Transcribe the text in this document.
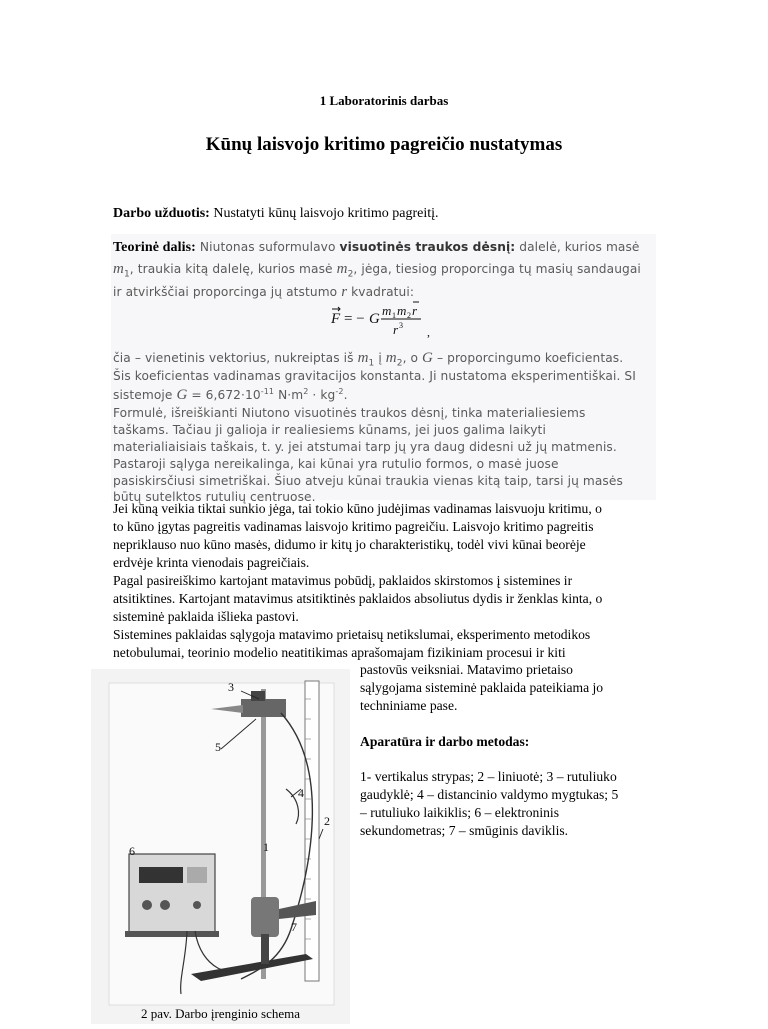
1 Laboratorinis darbas
Kūnų laisvojo kritimo pagreičio nustatymas
Darbo užduotis: Nustatyti kūnų laisvojo kritimo pagreitį.
Teorinė dalis: Niutonas suformulavo visuotinės traukos dėsnį: dalelė, kurios masė
$m_1$, traukia kitą dalelę, kurios masė $m_2$, jėga, tiesiog proporcinga tų masių sandaugai
ir atvirkščiai proporcinga jų atstumo r kvadratui:
F = − G
m 1 m 2 r
r 3 ,
čia – vienetinis vektorius, nukreiptas iš $m_1$ į $m_2$, o G – proporcingumo koeficientas.
Šis koeficientas vadinamas gravitacijos konstanta. Ji nustatoma eksperimentiškai. SI
sistemoje $G = 6,672\cdot 10^{-11}$ $N\cdot m^2 \cdot kg^{-2}$.
Formulė, išreiškianti Niutono visuotinės traukos dėsnį, tinka materialiesiems
taškams. Tačiau ji galioja ir realiesiems kūnams, jei juos galima laikyti
materialiaisiais taškais, t. y. jei atstumai tarp jų yra daug didesni už jų matmenis.
Pastaroji sąlyga nereikalinga, kai kūnai yra rutulio formos, o masė juose
pasiskirsčiusi simetriškai. Šiuo atveju kūnai traukia vienas kitą taip, tarsi jų masės
būtų sutelktos rutulių centruose.
Jei kūną veikia tiktai sunkio jėga, tai tokio kūno judėjimas vadinamas laisvuoju kritimu, o
to kūno įgytas pagreitis vadinamas laisvojo kritimo pagreičiu. Laisvojo kritimo pagreitis
nepriklauso nuo kūno masės, didumo ir kitų jo charakteristikų, todėl vivi kūnai beorėje
erdvėje krinta vienodais pagreičiais.
Pagal pasireiškimo kartojant matavimus pobūdį, paklaidos skirstomos į sistemines ir
atsitiktines. Kartojant matavimus atsitiktinės paklaidos absoliutus dydis ir ženklas kinta, o
sisteminė paklaida išlieka pastovi.
Sistemines paklaidas sąlygoja matavimo prietaisų netikslumai, eksperimento metodikos
netobulumai, teorinio modelio neatitikimas aprašomajam fizikiniam procesui ir kiti
pastovūs veiksniai. Matavimo prietaiso
sąlygojama sisteminė paklaida pateikiama jo
techniniame pase.
Aparatūra ir darbo metodas:
1- vertikalus strypas; 2 – liniuotė; 3 – rutuliuko
gaudyklė; 4 – distancinio valdymo mygtukas; 5
– rutuliuko laikiklis; 6 – elektroninis
sekundometras; 7 – smūginis daviklis.
1
2
3
4
5
6
7
2 pav. Darbo įrenginio schema
